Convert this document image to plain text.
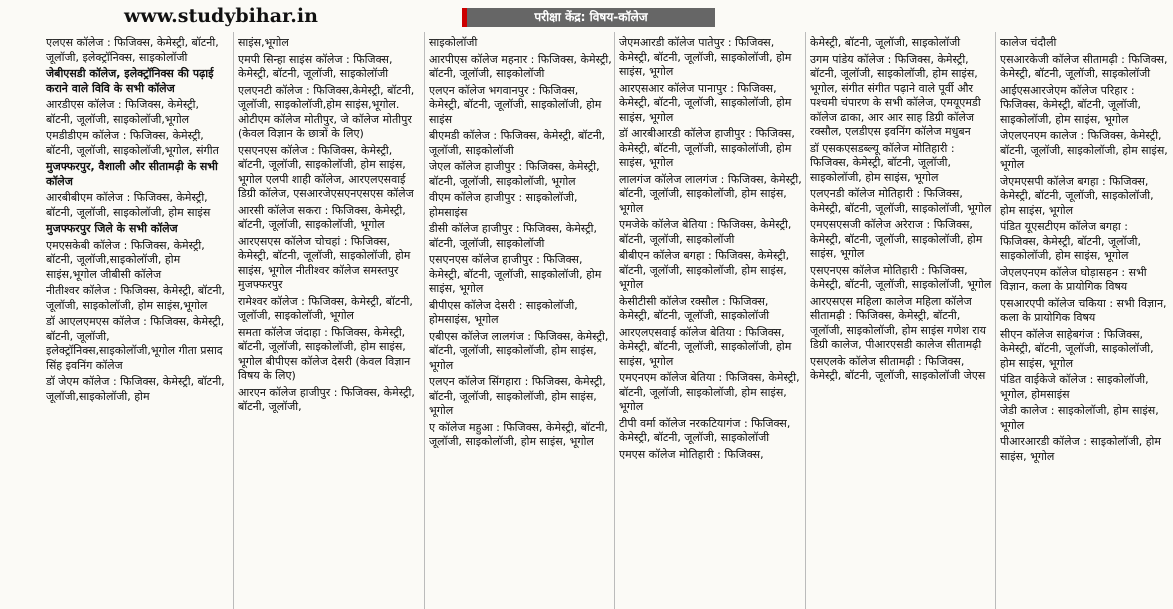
www.studybihar.in	परीक्षा केंद्र: विषय-कॉलेज

एलएस कॉलेज : फिजिक्स, केमेस्ट्री, बॉटनी, जूलॉजी, इलेक्ट्रॉनिक्स, साइकोलॉजी

जेबीएसडी कॉलेज, इलेक्ट्रॉनिक्स की पढ़ाई कराने वाले विवि के सभी कॉलेज

आरडीएस कॉलेज : फिजिक्स, केमेस्ट्री, बॉटनी, जूलॉजी, साइकोलॉजी,भूगोल

एमडीडीएम कॉलेज : फिजिक्स, केमेस्ट्री, बॉटनी, जूलॉजी, साइकोलॉजी,भूगोल, संगीत

मुजफ्फरपुर, वैशाली और सीतामढ़ी के सभी कॉलेज

आरबीबीएम कॉलेज : फिजिक्स, केमेस्ट्री, बॉटनी, जूलॉजी, साइकोलॉजी, होम साइंस

मुजफ्फरपुर जिले के सभी कॉलेज

एमएसकेबी कॉलेज : फिजिक्स, केमेस्ट्री, बॉटनी, जूलॉजी,साइकोलॉजी, होम साइंस,भूगोल जीबीसी कॉलेज

नीतीश्वर कॉलेज : फिजिक्स, केमेस्ट्री, बॉटनी, जूलॉजी, साइकोलॉजी, होम साइंस,भूगोल

डॉ आएलएमएस कॉलेज : फिजिक्स, केमेस्ट्री, बॉटनी, जूलॉजी, इलेक्ट्रॉनिक्स,साइकोलॉजी,भूगोल गीता प्रसाद सिंह इवनिंग कॉलेज

डॉ जेएम कॉलेज : फिजिक्स, केमेस्ट्री, बॉटनी, जूलॉजी,साइकोलॉजी, होम

साइंस,भूगोल

एमपी सिन्हा साइंस कॉलेज : फिजिक्स, केमेस्ट्री, बॉटनी, जूलॉजी, साइकोलॉजी

एलएनटी कॉलेज : फिजिक्स,केमेस्ट्री, बॉटनी, जूलॉजी, साइकोलॉजी,होम साइंस,भूगोल. ओटीएम कॉलेज मोतीपुर, जे कॉलेज मोतीपुर (केवल विज्ञान के छात्रों के लिए)

एसएनएस कॉलेज : फिजिक्स, केमेस्ट्री, बॉटनी, जूलॉजी, साइकोलॉजी, होम साइंस, भूगोल एलपी शाही कॉलेज, आरएलएसवाई डिग्री कॉलेज, एसआरजेएसएनएसएस कॉलेज

आरसी कॉलेज सकरा : फिजिक्स, केमेस्ट्री, बॉटनी, जूलॉजी, साइकोलॉजी, भूगोल

आरएसएस कॉलेज चोचहां : फिजिक्स, केमेस्ट्री, बॉटनी, जूलॉजी, साइकोलॉजी, होम साइंस, भूगोल नीतीश्वर कॉलेज समस्तपुर मुजफ्फरपुर

रामेश्वर कॉलेज : फिजिक्स, केमेस्ट्री, बॉटनी, जूलॉजी, साइकोलॉजी, भूगोल

समता कॉलेज जंदाहा : फिजिक्स, केमेस्ट्री, बॉटनी, जूलॉजी, साइकोलॉजी, होम साइंस, भूगोल बीपीएस कॉलेज देसरी (केवल विज्ञान विषय के लिए)

आरएन कॉलेज हाजीपुर : फिजिक्स, केमेस्ट्री, बॉटनी, जूलॉजी,

साइकोलॉजी

आरपीएस कॉलेज महनार : फिजिक्स, केमेस्ट्री, बॉटनी, जूलॉजी, साइकोलॉजी

एलएन कॉलेज भगवानपुर : फिजिक्स, केमेस्ट्री, बॉटनी, जूलॉजी, साइकोलॉजी, होम साइंस

बीएमडी कॉलेज : फिजिक्स, केमेस्ट्री, बॉटनी, जूलॉजी, साइकोलॉजी

जेएल कॉलेज हाजीपुर : फिजिक्स, केमेस्ट्री, बॉटनी, जूलॉजी, साइकोलॉजी, भूगोल

वीएम कॉलेज हाजीपुर : साइकोलॉजी, होमसाइंस

डीसी कॉलेज हाजीपुर : फिजिक्स, केमेस्ट्री, बॉटनी, जूलॉजी, साइकोलॉजी

एसएनएस कॉलेज हाजीपुर : फिजिक्स, केमेस्ट्री, बॉटनी, जूलॉजी, साइकोलॉजी, होम साइंस, भूगोल

बीपीएस कॉलेज देसरी : साइकोलॉजी, होमसाइंस, भूगोल

एबीएस कॉलेज लालगंज : फिजिक्स, केमेस्ट्री, बॉटनी, जूलॉजी, साइकोलॉजी, होम साइंस, भूगोल

एलएन कॉलेज सिंगहारा : फिजिक्स, केमेस्ट्री, बॉटनी, जूलॉजी, साइकोलॉजी, होम साइंस, भूगोल

ए कॉलेज महुआ : फिजिक्स, केमेस्ट्री, बॉटनी, जूलॉजी, साइकोलॉजी, होम साइंस, भूगोल

जेएमआरडी कॉलेज पातेपुर : फिजिक्स, केमेस्ट्री, बॉटनी, जूलॉजी, साइकोलॉजी, होम साइंस, भूगोल

आरएसआर कॉलेज पानापुर : फिजिक्स, केमेस्ट्री, बॉटनी, जूलॉजी, साइकोलॉजी, होम साइंस, भूगोल

डॉ आरबीआरडी कॉलेज हाजीपुर : फिजिक्स, केमेस्ट्री, बॉटनी, जूलॉजी, साइकोलॉजी, होम साइंस, भूगोल

लालगंज कॉलेज लालगंज : फिजिक्स, केमेस्ट्री, बॉटनी, जूलॉजी, साइकोलॉजी, होम साइंस, भूगोल

एमजेके कॉलेज बेतिया : फिजिक्स, केमेस्ट्री, बॉटनी, जूलॉजी, साइकोलॉजी

बीबीएन कॉलेज बगहा : फिजिक्स, केमेस्ट्री, बॉटनी, जूलॉजी, साइकोलॉजी, होम साइंस, भूगोल

केसीटीसी कॉलेज रक्सौल : फिजिक्स, केमेस्ट्री, बॉटनी, जूलॉजी, साइकोलॉजी

आरएलएसवाई कॉलेज बेतिया : फिजिक्स, केमेस्ट्री, बॉटनी, जूलॉजी, साइकोलॉजी, होम साइंस, भूगोल

एमएनएम कॉलेज बेतिया : फिजिक्स, केमेस्ट्री, बॉटनी, जूलॉजी, साइकोलॉजी, होम साइंस, भूगोल

टीपी वर्मा कॉलेज नरकटियागंज : फिजिक्स, केमेस्ट्री, बॉटनी, जूलॉजी, साइकोलॉजी

एमएस कॉलेज मोतिहारी : फिजिक्स,

केमेस्ट्री, बॉटनी, जूलॉजी, साइकोलॉजी

उगम पांडेय कॉलेज : फिजिक्स, केमेस्ट्री, बॉटनी, जूलॉजी, साइकोलॉजी, होम साइंस, भूगोल, संगीत संगीत पढ़ाने वाले पूर्वी और पश्चमी चंपारण के सभी कॉलेज, एमयूएमडी कॉलेज ढाका, आर आर साह डिग्री कॉलेज रक्सौल, एलडीएस इवनिंग कॉलेज मधुबन

डॉ एसकएसडब्ल्यू कॉलेज मोतिहारी : फिजिक्स, केमेस्ट्री, बॉटनी, जूलॉजी, साइकोलॉजी, होम साइंस, भूगोल

एलएनडी कॉलेज मोतिहारी : फिजिक्स, केमेस्ट्री, बॉटनी, जूलॉजी, साइकोलॉजी, भूगोल

एमएसएसजी कॉलेज अरेराज : फिजिक्स, केमेस्ट्री, बॉटनी, जूलॉजी, साइकोलॉजी, होम साइंस, भूगोल

एसएनएस कॉलेज मोतिहारी : फिजिक्स, केमेस्ट्री, बॉटनी, जूलॉजी, साइकोलॉजी, भूगोल

आरएसएस महिला कालेज महिला कॉलेज सीतामढ़ी : फिजिक्स, केमेस्ट्री, बॉटनी, जूलॉजी, साइकोलॉजी, होम साइंस गणेश राय डिग्री कालेज, पीआरएसडी कालेज सीतामढ़ी

एसएलके कॉलेज सीतामढ़ी : फिजिक्स, केमेस्ट्री, बॉटनी, जूलॉजी, साइकोलॉजी जेएस

कालेज चंदौली

एसआरकेजी कॉलेज सीतामढ़ी : फिजिक्स, केमेस्ट्री, बॉटनी, जूलॉजी, साइकोलॉजी

आईएसआरजेएम कॉलेज परिहार : फिजिक्स, केमेस्ट्री, बॉटनी, जूलॉजी, साइकोलॉजी, होम साइंस, भूगोल

जेएलएनएम कालेज : फिजिक्स, केमेस्ट्री, बॉटनी, जूलॉजी, साइकोलॉजी, होम साइंस, भूगोल

जेएमएसपी कॉलेज बगहा : फिजिक्स, केमेस्ट्री, बॉटनी, जूलॉजी, साइकोलॉजी, होम साइंस, भूगोल

पंडित यूएसटीएम कॉलेज बगहा : फिजिक्स, केमेस्ट्री, बॉटनी, जूलॉजी, साइकोलॉजी, होम साइंस, भूगोल

जेएलएनएम कॉलेज घोड़ासहन : सभी विज्ञान, कला के प्रायोगिक विषय

एसआरएपी कॉलेज चकिया : सभी विज्ञान, कला के प्रायोगिक विषय

सीएन कॉलेज साहेबगंज : फिजिक्स, केमेस्ट्री, बॉटनी, जूलॉजी, साइकोलॉजी, होम साइंस, भूगोल

पंडित वाईकेजे कॉलेज : साइकोलॉजी, भूगोल, होमसाइंस

जेडी कालेज : साइकोलॉजी, होम साइंस, भूगोल

पीआरआरडी कॉलेज : साइकोलॉजी, होम साइंस, भूगोल
